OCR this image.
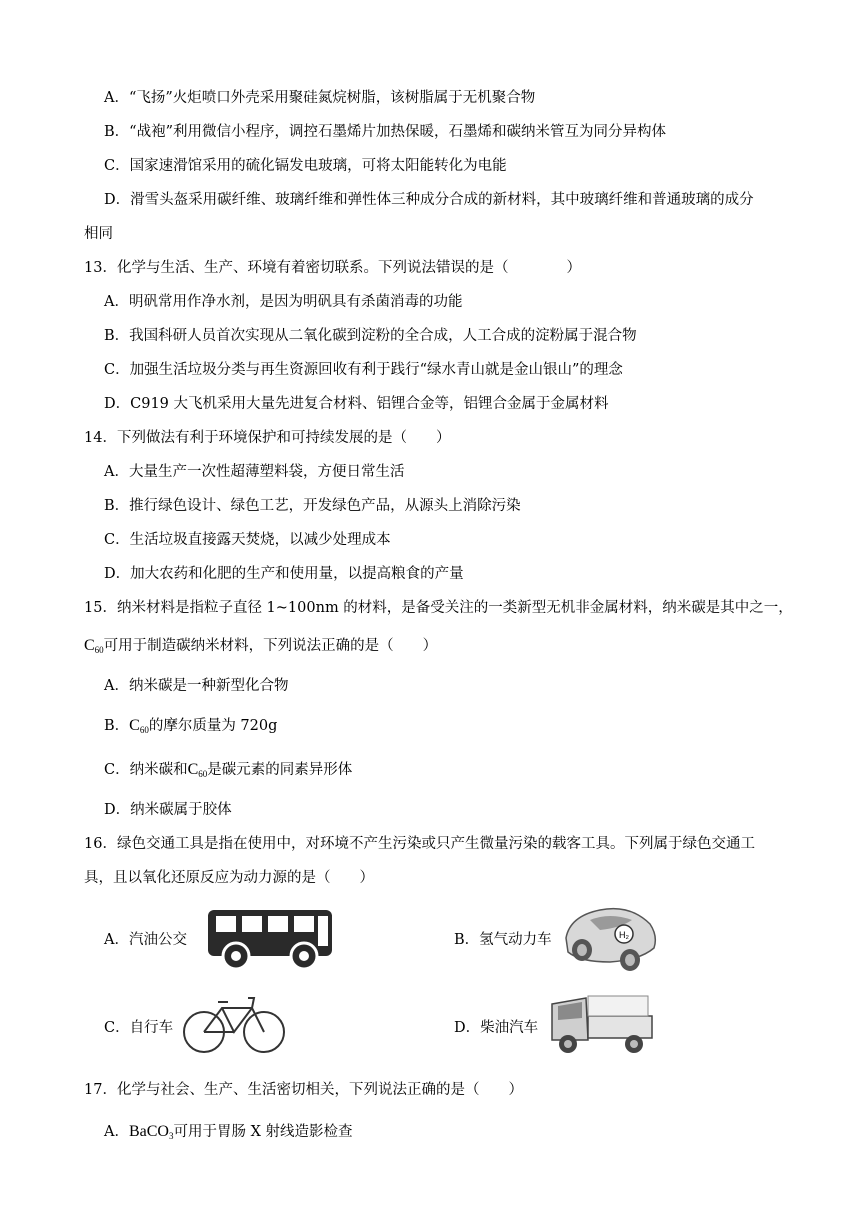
A．“飞扬”火炬喷口外壳采用聚硅氮烷树脂，该树脂属于无机聚合物
B．“战袍”利用微信小程序，调控石墨烯片加热保暖，石墨烯和碳纳米管互为同分异构体
C．国家速滑馆采用的硫化镉发电玻璃，可将太阳能转化为电能
D．滑雪头盔采用碳纤维、玻璃纤维和弹性体三种成分合成的新材料，其中玻璃纤维和普通玻璃的成分
相同
13．化学与生活、生产、环境有着密切联系。下列说法错误的是（　　　　）
A．明矾常用作净水剂，是因为明矾具有杀菌消毒的功能
B．我国科研人员首次实现从二氧化碳到淀粉的全合成，人工合成的淀粉属于混合物
C．加强生活垃圾分类与再生资源回收有利于践行“绿水青山就是金山银山”的理念
D．C919 大飞机采用大量先进复合材料、铝锂合金等，铝锂合金属于金属材料
14．下列做法有利于环境保护和可持续发展的是（　　）
A．大量生产一次性超薄塑料袋，方便日常生活
B．推行绿色设计、绿色工艺，开发绿色产品，从源头上消除污染
C．生活垃圾直接露天焚烧，以减少处理成本
D．加大农药和化肥的生产和使用量，以提高粮食的产量
15．纳米材料是指粒子直径 1~100nm 的材料，是备受关注的一类新型无机非金属材料，纳米碳是其中之一，
C60可用于制造碳纳米材料，下列说法正确的是（　　）
A．纳米碳是一种新型化合物
B．C60的摩尔质量为 720g
C．纳米碳和C60是碳元素的同素异形体
D．纳米碳属于胶体
16．绿色交通工具是指在使用中，对环境不产生污染或只产生微量污染的载客工具。下列属于绿色交通工
具，且以氧化还原反应为动力源的是（　　）
A．汽油公交	B．氢气动力车	H₂
C．自行车	D．柴油汽车
17．化学与社会、生产、生活密切相关，下列说法正确的是（　　）
A．BaCO3可用于胃肠 X 射线造影检查
